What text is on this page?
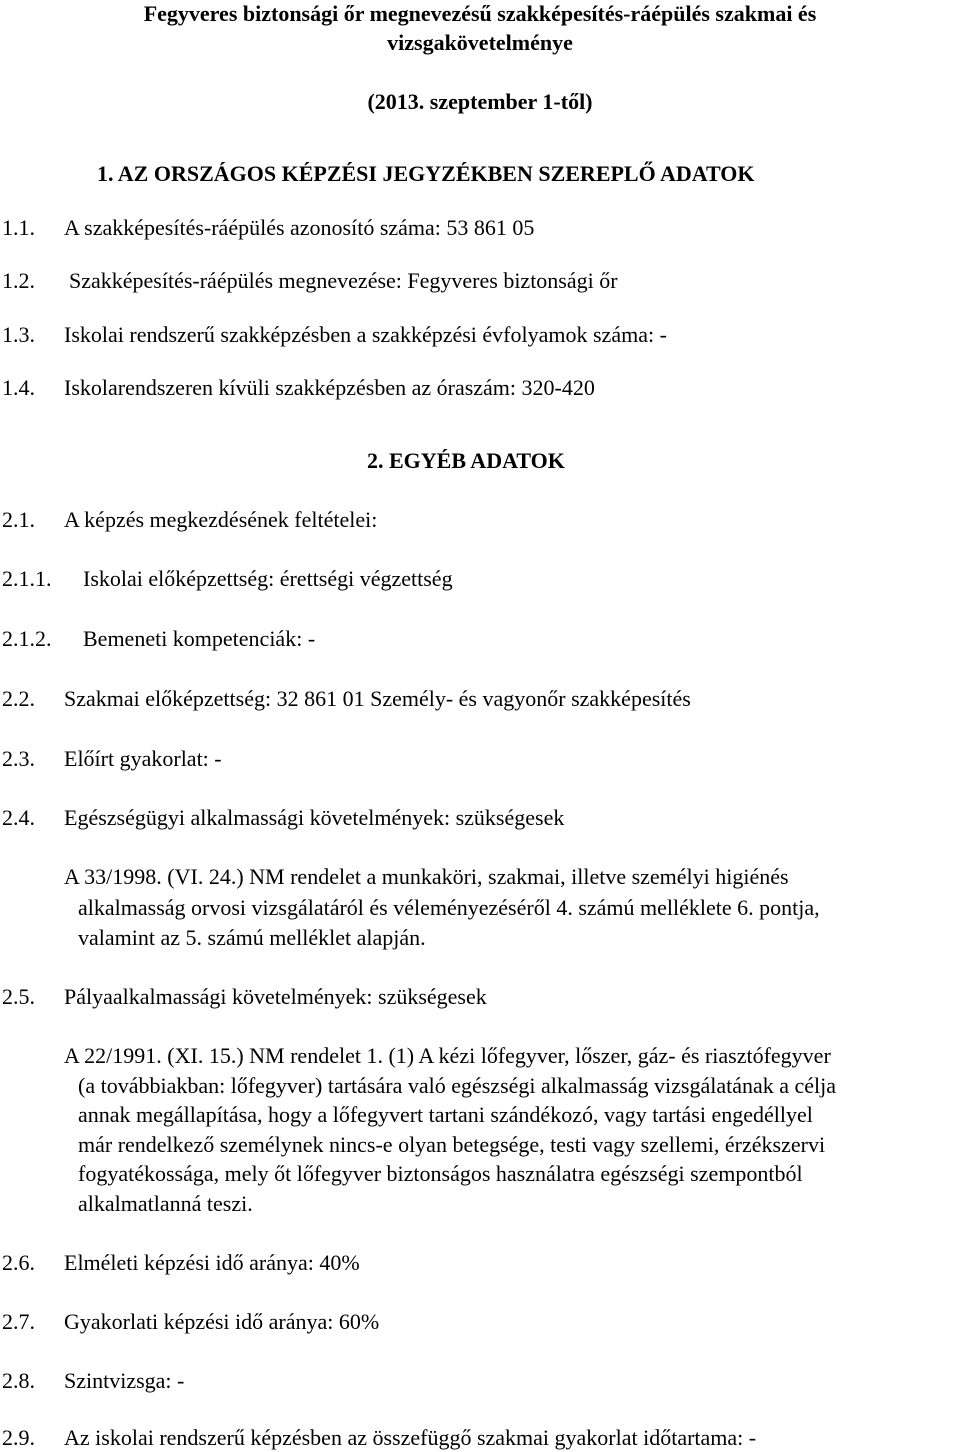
Fegyveres biztonsági őr megnevezésű szakképesítés-ráépülés szakmai és
vizsgakövetelménye
(2013. szeptember 1-től)
1. AZ ORSZÁGOS KÉPZÉSI JEGYZÉKBEN SZEREPLŐ ADATOK
1.1. A szakképesítés-ráépülés azonosító száma: 53 861 05
1.2. Szakképesítés-ráépülés megnevezése: Fegyveres biztonsági őr
1.3. Iskolai rendszerű szakképzésben a szakképzési évfolyamok száma: -
1.4. Iskolarendszeren kívüli szakképzésben az óraszám: 320-420
2. EGYÉB ADATOK
2.1. A képzés megkezdésének feltételei:
2.1.1. Iskolai előképzettség: érettségi végzettség
2.1.2. Bemeneti kompetenciák: -
2.2. Szakmai előképzettség: 32 861 01 Személy- és vagyonőr szakképesítés
2.3. Előírt gyakorlat: -
2.4. Egészségügyi alkalmassági követelmények: szükségesek
A 33/1998. (VI. 24.) NM rendelet a munkaköri, szakmai, illetve személyi higiénés
alkalmasság orvosi vizsgálatáról és véleményezéséről 4. számú melléklete 6. pontja,
valamint az 5. számú melléklet alapján.
2.5. Pályaalkalmassági követelmények: szükségesek
A 22/1991. (XI. 15.) NM rendelet 1. (1) A kézi lőfegyver, lőszer, gáz- és riasztófegyver
(a továbbiakban: lőfegyver) tartására való egészségi alkalmasság vizsgálatának a célja
annak megállapítása, hogy a lőfegyvert tartani szándékozó, vagy tartási engedéllyel
már rendelkező személynek nincs-e olyan betegsége, testi vagy szellemi, érzékszervi
fogyatékossága, mely őt lőfegyver biztonságos használatra egészségi szempontból
alkalmatlanná teszi.
2.6. Elméleti képzési idő aránya: 40%
2.7. Gyakorlati képzési idő aránya: 60%
2.8. Szintvizsga: -
2.9. Az iskolai rendszerű képzésben az összefüggő szakmai gyakorlat időtartama: -
